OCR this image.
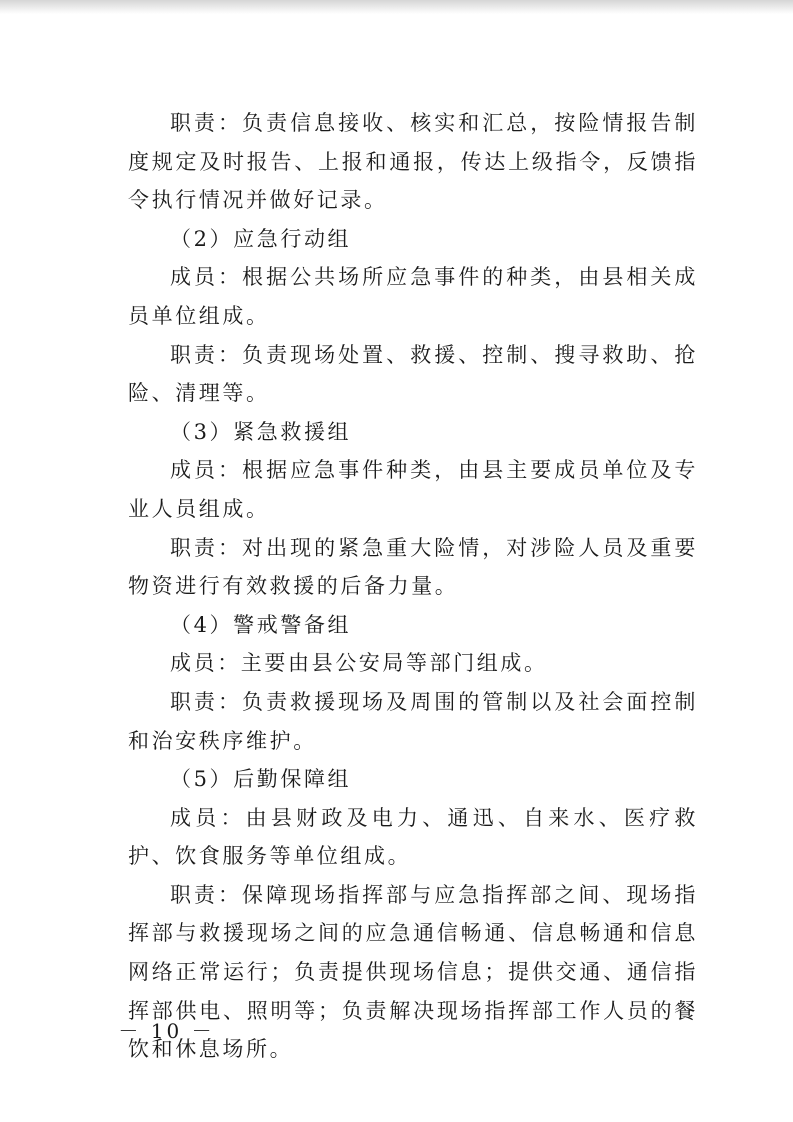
职责：负责信息接收、核实和汇总，按险情报告制度规定及时报告、上报和通报，传达上级指令，反馈指令执行情况并做好记录。

（2）应急行动组

成员：根据公共场所应急事件的种类，由县相关成员单位组成。

职责：负责现场处置、救援、控制、搜寻救助、抢险、清理等。

（3）紧急救援组

成员：根据应急事件种类，由县主要成员单位及专业人员组成。

职责：对出现的紧急重大险情，对涉险人员及重要物资进行有效救援的后备力量。

（4）警戒警备组

成员：主要由县公安局等部门组成。

职责：负责救援现场及周围的管制以及社会面控制和治安秩序维护。

（5）后勤保障组

成员：由县财政及电力、通迅、自来水、医疗救护、饮食服务等单位组成。

职责：保障现场指挥部与应急指挥部之间、现场指挥部与救援现场之间的应急通信畅通、信息畅通和信息网络正常运行；负责提供现场信息；提供交通、通信指挥部供电、照明等；负责解决现场指挥部工作人员的餐饮和休息场所。

－ 10 －
